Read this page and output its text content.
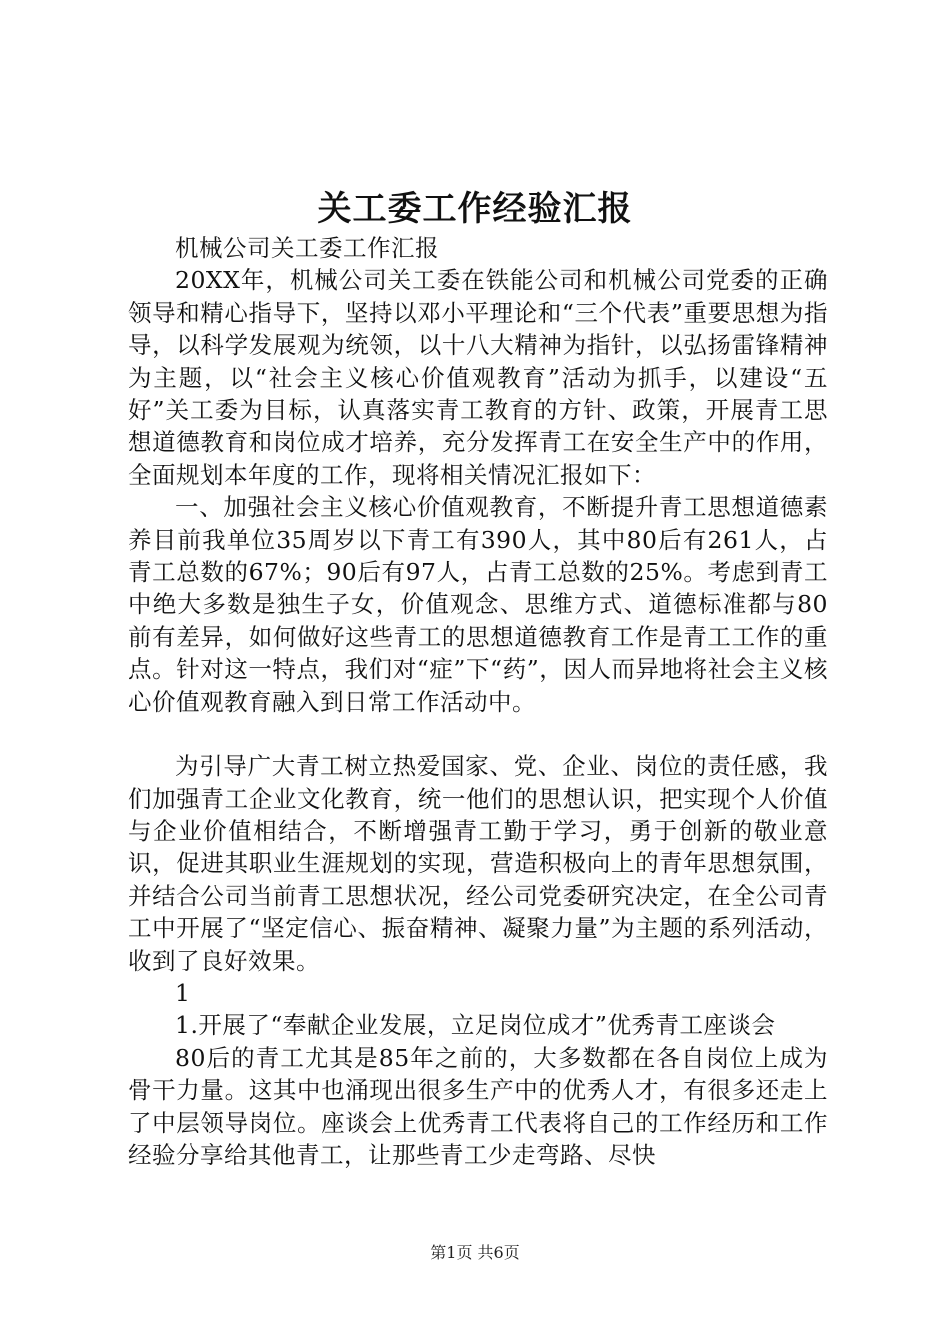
关工委工作经验汇报

机械公司关工委工作汇报

20XX年，机械公司关工委在铁能公司和机械公司党委的正确领导和精心指导下，坚持以邓小平理论和“三个代表”重要思想为指导，以科学发展观为统领，以十八大精神为指针，以弘扬雷锋精神为主题，以“社会主义核心价值观教育”活动为抓手，以建设“五好”关工委为目标，认真落实青工教育的方针、政策，开展青工思想道德教育和岗位成才培养，充分发挥青工在安全生产中的作用，全面规划本年度的工作，现将相关情况汇报如下：

一、加强社会主义核心价值观教育，不断提升青工思想道德素养目前我单位35周岁以下青工有390人，其中80后有261人，占青工总数的67%；90后有97人，占青工总数的25%。考虑到青工中绝大多数是独生子女，价值观念、思维方式、道德标准都与80前有差异，如何做好这些青工的思想道德教育工作是青工工作的重点。针对这一特点，我们对“症”下“药”，因人而异地将社会主义核心价值观教育融入到日常工作活动中。

为引导广大青工树立热爱国家、党、企业、岗位的责任感，我们加强青工企业文化教育，统一他们的思想认识，把实现个人价值与企业价值相结合，不断增强青工勤于学习，勇于创新的敬业意识，促进其职业生涯规划的实现，营造积极向上的青年思想氛围，并结合公司当前青工思想状况，经公司党委研究决定，在全公司青工中开展了“坚定信心、振奋精神、凝聚力量”为主题的系列活动，收到了良好效果。

1

1.开展了“奉献企业发展，立足岗位成才”优秀青工座谈会

80后的青工尤其是85年之前的，大多数都在各自岗位上成为骨干力量。这其中也涌现出很多生产中的优秀人才，有很多还走上了中层领导岗位。座谈会上优秀青工代表将自己的工作经历和工作经验分享给其他青工，让那些青工少走弯路、尽快

第1页 共6页
